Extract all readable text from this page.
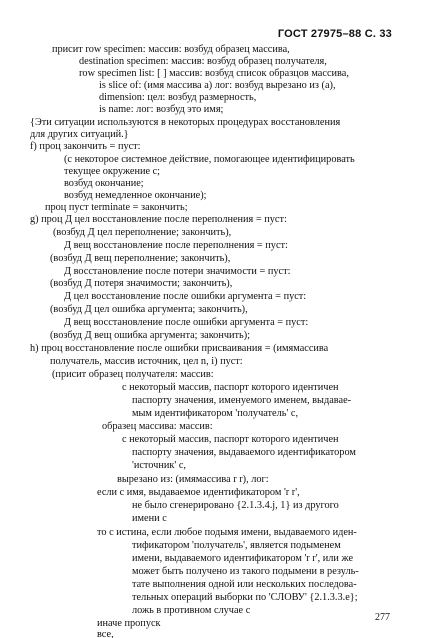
ГОСТ 27975–88 С. 33
присит row specimen: массив: возбуд образец массива,
destination specimen: массив: возбуд образец получателя,
row specimen list: [ ] массив: возбуд список образцов массива,
is slice of: (имя массива a) лог: возбуд вырезано из (a),
dimension: цел: возбуд размерность,
is name: лог: возбуд это имя;
{Эти ситуации используются в некоторых процедурах восстановления
для других ситуаций.}
f) проц закончить = пуст:
(с некоторое системное действие, помогающее идентифицировать
текущее окружение с;
возбуд окончание;
возбуд немедленное окончание);
проц пуст terminate = закончить;
g) проц Д цел восстановление после переполнения = пуст:
(возбуд Д цел переполнение; закончить),
Д вещ восстановление после переполнения = пуст:
(возбуд Д вещ переполнение; закончить),
Д восстановление после потери значимости = пуст:
(возбуд Д потеря значимости; закончить),
Д цел восстановление после ошибки аргумента = пуст:
(возбуд Д цел ошибка аргумента; закончить),
Д вещ восстановление после ошибки аргумента = пуст:
(возбуд Д вещ ошибка аргумента; закончить);
h) проц восстановление после ошибки присваивания = (имямассива
получатель, массив источник, цел n, i) пуст:
(присит образец получателя: массив:
с некоторый массив, паспорт которого идентичен
паспорту значения, именуемого именем, выдавае-
мым идентификатором 'получатель' с,
образец массива: массив:
с некоторый массив, паспорт которого идентичен
паспорту значения, выдаваемого идентификатором
'источник' с,
вырезано из: (имямассива r r), лог:
если с имя, выдаваемое идентификатором 'r r',
не было сгенерировано {2.1.3.4.j, 1} из другого
имени с
то с истина, если любое подымя имени, выдаваемого иден-
тификатором 'получатель', является подыменем
имени, выдаваемого идентификатором 'r r', или же
может быть получено из такого подымени в резуль-
тате выполнения одной или нескольких последова-
тельных операций выборки по 'СЛОВУ' {2.1.3.3.е};
ложь в противном случае с
иначе пропуск
все,
277
